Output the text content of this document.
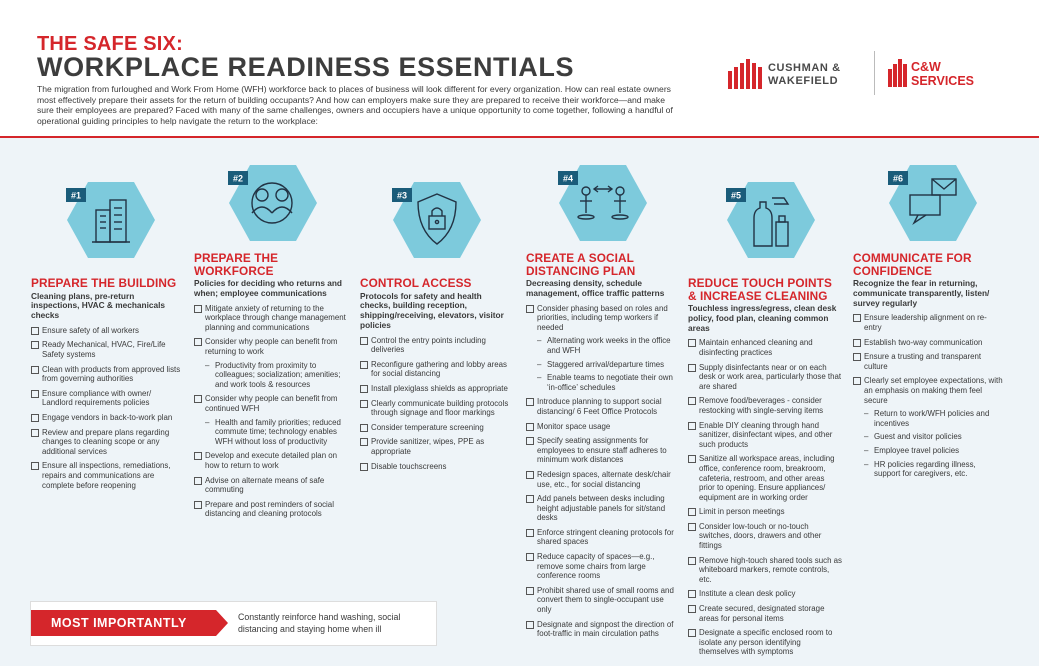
THE SAFE SIX:
WORKPLACE READINESS ESSENTIALS
The migration from furloughed and Work From Home (WFH) workforce back to places of business will look different for every organization. How can real estate owners most effectively prepare their assets for the return of building occupants? And how can employers make sure they are prepared to receive their workforce—and make sure their employees are prepared? Faced with many of the same challenges, owners and occupiers have a unique opportunity to come together, following a handful of operational guiding principles to help navigate the return to the workplace:
CUSHMAN &
WAKEFIELD
C&W
SERVICES
#1
#2
#3
#4
#5
#6
PREPARE THE BUILDING
Cleaning plans, pre-return inspections, HVAC & mechanicals checks
Ensure safety of all workers
Ready Mechanical, HVAC, Fire/Life Safety systems
Clean with products from approved lists from governing authorities
Ensure compliance with owner/ Landlord requirements policies
Engage vendors in back-to-work plan
Review and prepare plans regarding changes to cleaning scope or any additional services
Ensure all inspections, remediations, repairs and communications are complete before reopening
PREPARE THE WORKFORCE
Policies for deciding who returns and when; employee communications
Mitigate anxiety of returning to the workplace through change management planning and communications
Consider why people can benefit from returning to work
– Productivity from proximity to colleagues; socialization; amenities; and work tools & resources
Consider why people can benefit from continued WFH
– Health and family priorities; reduced commute time; technology enables WFH without loss of productivity
Develop and execute detailed plan on how to return to work
Advise on alternate means of safe commuting
Prepare and post reminders of social distancing and cleaning protocols
CONTROL ACCESS
Protocols for safety and health checks, building reception, shipping/receiving, elevators, visitor policies
Control the entry points including deliveries
Reconfigure gathering and lobby areas for social distancing
Install plexiglass shields as appropriate
Clearly communicate building protocols through signage and floor markings
Consider temperature screening
Provide sanitizer, wipes, PPE as appropriate
Disable touchscreens
CREATE A SOCIAL DISTANCING PLAN
Decreasing density, schedule management, office traffic patterns
Consider phasing based on roles and priorities, including temp workers if needed
– Alternating work weeks in the office and WFH
– Staggered arrival/departure times
– Enable teams to negotiate their own ‘in-office’ schedules
Introduce planning to support social distancing/ 6 Feet Office Protocols
Monitor space usage
Specify seating assignments for employees to ensure staff adheres to minimum work distances
Redesign spaces, alternate desk/chair use, etc., for social distancing
Add panels between desks including height adjustable panels for sit/stand desks
Enforce stringent cleaning protocols for shared spaces
Reduce capacity of spaces—e.g., remove some chairs from large conference rooms
Prohibit shared use of small rooms and convert them to single-occupant use only
Designate and signpost the direction of foot-traffic in main circulation paths
REDUCE TOUCH POINTS & INCREASE CLEANING
Touchless ingress/egress, clean desk policy, food plan, cleaning common areas
Maintain enhanced cleaning and disinfecting practices
Supply disinfectants near or on each desk or work area, particularly those that are shared
Remove food/beverages - consider restocking with single-serving items
Enable DIY cleaning through hand sanitizer, disinfectant wipes, and other such products
Sanitize all workspace areas, including office, conference room, breakroom, cafeteria, restroom, and other areas prior to opening. Ensure appliances/ equipment are in working order
Limit in person meetings
Consider low-touch or no-touch switches, doors, drawers and other fittings
Remove high-touch shared tools such as whiteboard markers, remote controls, etc.
Institute a clean desk policy
Create secured, designated storage areas for personal items
Designate a specific enclosed room to isolate any person identifying themselves with symptoms
COMMUNICATE FOR CONFIDENCE
Recognize the fear in returning, communicate transparently, listen/ survey regularly
Ensure leadership alignment on re-entry
Establish two-way communication
Ensure a trusting and transparent culture
Clearly set employee expectations, with an emphasis on making them feel secure
– Return to work/WFH policies and incentives
– Guest and visitor policies
– Employee travel policies
– HR policies regarding illness, support for caregivers, etc.
MOST IMPORTANTLY	Constantly reinforce hand washing, social distancing and staying home when ill
